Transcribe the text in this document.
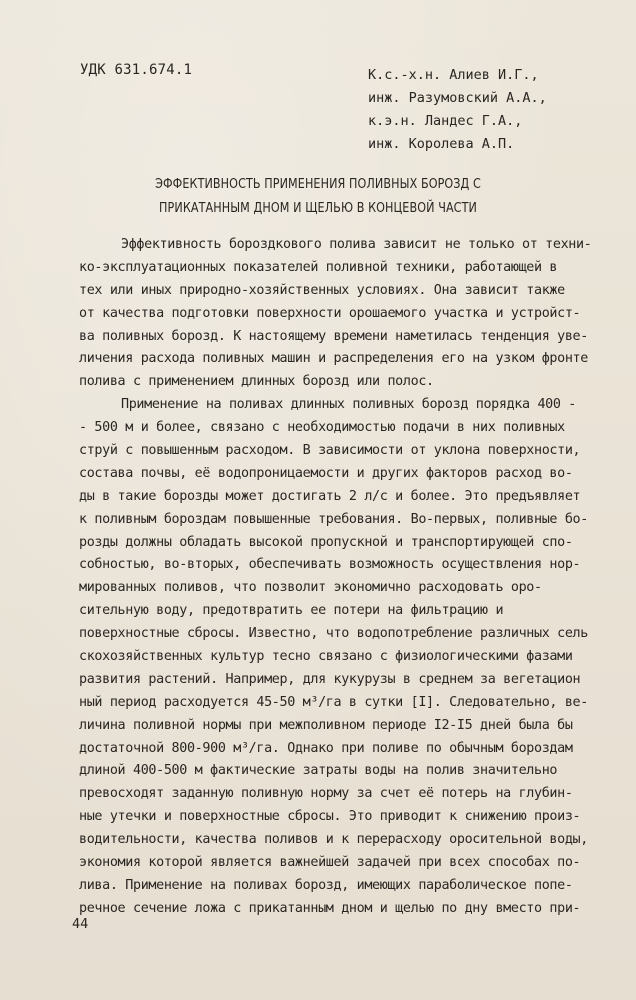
УДК 631.674.1	К.с.-х.н. Алиев И.Г.,
инж. Разумовский А.А.,
к.э.н. Ландес Г.А.,
инж. Королева А.П.
ЭФФЕКТИВНОСТЬ ПРИМЕНЕНИЯ ПОЛИВНЫХ БОРОЗД С
ПРИКАТАННЫМ ДНОМ И ЩЕЛЬЮ В КОНЦЕВОЙ ЧАСТИ
Эффективность бороздкового полива зависит не только от техни-
ко-эксплуатационных показателей поливной техники, работающей в
тех или иных природно-хозяйственных условиях. Она зависит также
от качества подготовки поверхности орошаемого участка и устройст-
ва поливных борозд. К настоящему времени наметилась тенденция уве-
личения расхода поливных машин и распределения его на узком фронте
полива с применением длинных борозд или полос.
Применение на поливах длинных поливных борозд порядка 400 -
- 500 м и более, связано с необходимостью подачи в них поливных
струй с повышенным расходом. В зависимости от уклона поверхности,
состава почвы, её водопроницаемости и других факторов расход во-
ды в такие борозды может достигать 2 л/с и более. Это предъявляет
к поливным бороздам повышенные требования. Во-первых, поливные бо-
розды должны обладать высокой пропускной и транспортирующей спо-
собностью, во-вторых, обеспечивать возможность осуществления нор-
мированных поливов, что позволит экономично расходовать оро-
сительную воду, предотвратить ее потери на фильтрацию и
поверхностные сбросы. Известно, что водопотребление различных сель
скохозяйственных культур тесно связано с физиологическими фазами
развития растений. Например, для кукурузы в среднем за вегетацион
ный период расходуется 45-50 м³/га в сутки [I]. Следовательно, ве-
личина поливной нормы при межполивном периоде I2-I5 дней была бы
достаточной 800-900 м³/га. Однако при поливе по обычным бороздам
длиной 400-500 м фактические затраты воды на полив значительно
превосходят заданную поливную норму за счет её потерь на глубин-
ные утечки и поверхностные сбросы. Это приводит к снижению произ-
водительности, качества поливов и к перерасходу оросительной воды,
экономия которой является важнейшей задачей при всех способах по-
лива. Применение на поливах борозд, имеющих параболическое попе-
речное сечение ложа с прикатанным дном и щелью по дну вместо при-
44
